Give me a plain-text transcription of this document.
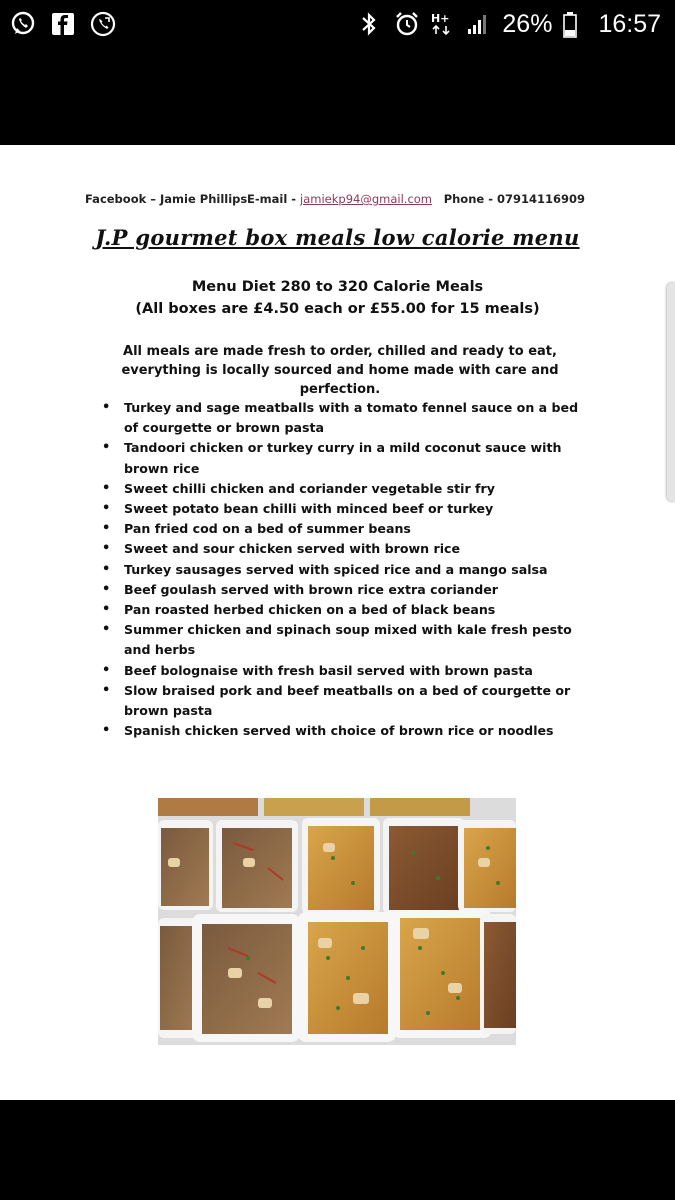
H+ 26% 16:57
Facebook – Jamie Phillips E-mail - jamiekp94@gmail.com	Phone - 07914116909
J.P gourmet box meals low calorie menu
Menu Diet 280 to 320 Calorie Meals
(All boxes are £4.50 each or £55.00 for 15 meals)
All meals are made fresh to order, chilled and ready to eat, everything is locally sourced and home made with care and perfection.
• Turkey and sage meatballs with a tomato fennel sauce on a bed of courgette or brown pasta
• Tandoori chicken or turkey curry in a mild coconut sauce with brown rice
• Sweet chilli chicken and coriander vegetable stir fry
• Sweet potato bean chilli with minced beef or turkey
• Pan fried cod on a bed of summer beans
• Sweet and sour chicken served with brown rice
• Turkey sausages served with spiced rice and a mango salsa
• Beef goulash served with brown rice extra coriander
• Pan roasted herbed chicken on a bed of black beans
• Summer chicken and spinach soup mixed with kale fresh pesto and herbs
• Beef bolognaise with fresh basil served with brown pasta
• Slow braised pork and beef meatballs on a bed of courgette or brown pasta
• Spanish chicken served with choice of brown rice or noodles
